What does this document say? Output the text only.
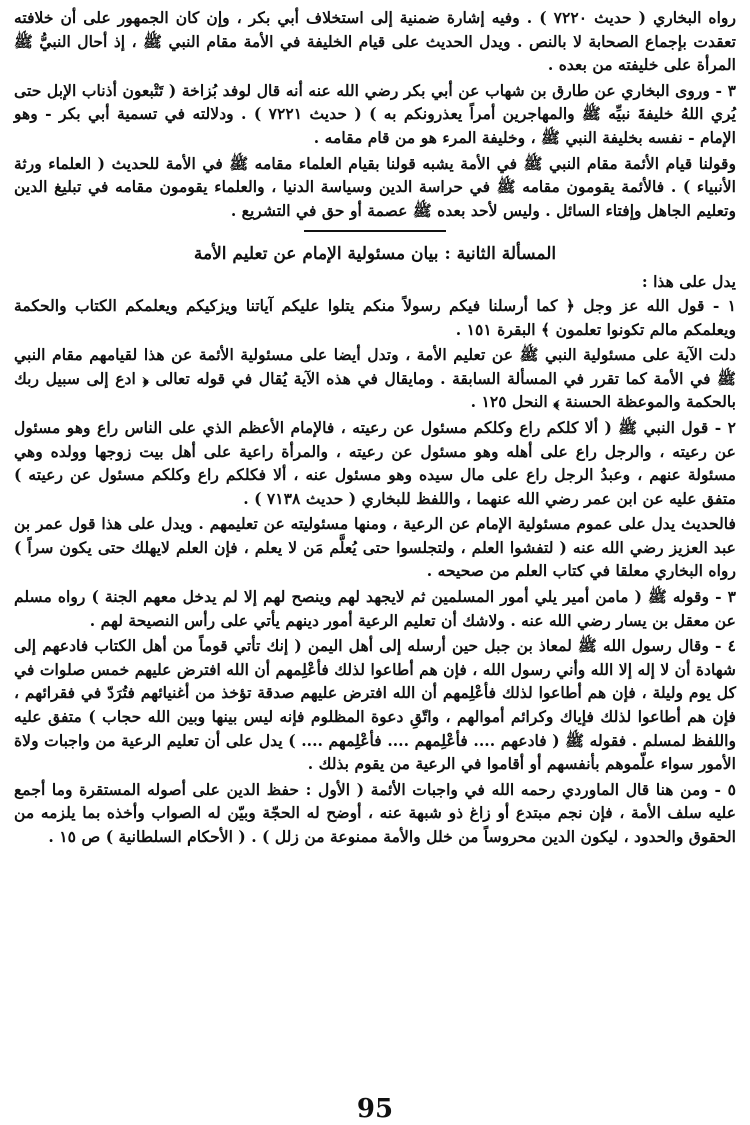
رواه البخاري ( حديث ٧٢٢٠ ) . وفيه إشارة ضمنية إلى استخلاف أبي بكر ، وإن كان الجمهور على أن خلافته تعقدت بإجماع الصحابة لا بالنص . ويدل الحديث على قيام الخليفة في الأمة مقام النبي ﷺ ، إذ أحال النبيُّ ﷺ المرأة على خليفته من بعده .

٣ - وروى البخاري عن طارق بن شهاب عن أبي بكر رضي الله عنه أنه قال لوفد بُزاخة ( تَتْبعون أذناب الإبل حتى يُري اللهُ خليفةَ نبيِّه ﷺ والمهاجرين أمراً يعذرونكم به ) ( حديث ٧٢٢١ ) . ودلالته في تسمية أبي بكر - وهو الإمام - نفسه بخليفة النبي ﷺ ، وخليفة المرء هو من قام مقامه .

وقولنا قيام الأئمة مقام النبي ﷺ في الأمة يشبه قولنا بقيام العلماء مقامه ﷺ في الأمة للحديث ( العلماء ورثة الأنبياء ) . فالأئمة يقومون مقامه ﷺ في حراسة الدين وسياسة الدنيا ، والعلماء يقومون مقامه في تبليغ الدين وتعليم الجاهل وإفتاء السائل . وليس لأحد بعده ﷺ عصمة أو حق في التشريع .

المسألة الثانية : بيان مسئولية الإمام عن تعليم الأمة

يدل على هذا :

١ - قول الله عز وجل ﴿ كما أرسلنا فيكم رسولاً منكم يتلوا عليكم آياتنا ويزكيكم ويعلمكم الكتاب والحكمة ويعلمكم مالم تكونوا تعلمون ﴾ البقرة ١٥١ .

دلت الآية على مسئولية النبي ﷺ عن تعليم الأمة ، وتدل أيضا على مسئولية الأئمة عن هذا لقيامهم مقام النبي ﷺ في الأمة كما تقرر في المسألة السابقة . ومايقال في هذه الآية يُقال في قوله تعالى ﴿ ادع إلى سبيل ربك بالحكمة والموعظة الحسنة ﴾ النحل ١٢٥ .

٢ - قول النبي ﷺ ( ألا كلكم راع وكلكم مسئول عن رعيته ، فالإمام الأعظم الذي على الناس راع وهو مسئول عن رعيته ، والرجل راع على أهله وهو مسئول عن رعيته ، والمرأة راعية على أهل بيت زوجها وولده وهي مسئولة عنهم ، وعبدُ الرجل راع على مال سيده وهو مسئول عنه ، ألا فكلكم راع وكلكم مسئول عن رعيته ) متفق عليه عن ابن عمر رضي الله عنهما ، واللفظ للبخاري ( حديث ٧١٣٨ ) .

فالحديث يدل على عموم مسئولية الإمام عن الرعية ، ومنها مسئوليته عن تعليمهم . ويدل على هذا قول عمر بن عبد العزيز رضي الله عنه ( لتفشوا العلم ، ولتجلسوا حتى يُعلَّم مَن لا يعلم ، فإن العلم لايهلك حتى يكون سراً ) رواه البخاري معلقا في كتاب العلم من صحيحه .

٣ - وقوله ﷺ ( مامن أمير يلي أمور المسلمين ثم لايجهد لهم وينصح لهم إلا لم يدخل معهم الجنة ) رواه مسلم عن معقل بن يسار رضي الله عنه . ولاشك أن تعليم الرعية أمور دينهم يأتي على رأس النصيحة لهم .

٤ - وقال رسول الله ﷺ لمعاذ بن جبل حين أرسله إلى أهل اليمن ( إنك تأتي قوماً من أهل الكتاب فادعهم إلى شهادة أن لا إله إلا الله وأني رسول الله ، فإن هم أطاعوا لذلك فأعْلِمهم أن الله افترض عليهم خمس صلوات في كل يوم وليلة ، فإن هم أطاعوا لذلك فأعْلِمهم أن الله افترض عليهم صدقة تؤخذ من أغنيائهم فتُرَدّ في فقرائهم ، فإن هم أطاعوا لذلك فإياك وكرائم أموالهم ، واتّقِ دعوة المظلوم فإنه ليس بينها وبين الله حجاب ) متفق عليه واللفظ لمسلم . فقوله ﷺ ( فادعهم .... فأعْلِمهم .... فأعْلِمهم .... ) يدل على أن تعليم الرعية من واجبات ولاة الأمور سواء علّموهم بأنفسهم أو أقاموا في الرعية من يقوم بذلك .

٥ - ومن هنا قال الماوردي رحمه الله في واجبات الأئمة ( الأول : حفظ الدين على أصوله المستقرة وما أجمع عليه سلف الأمة ، فإن نجم مبتدع أو زاغ ذو شبهة عنه ، أوضح له الحجّة وبيّن له الصواب وأخذه بما يلزمه من الحقوق والحدود ، ليكون الدين محروساً من خلل والأمة ممنوعة من زلل ) . ( الأحكام السلطانية ) ص ١٥ .

95
